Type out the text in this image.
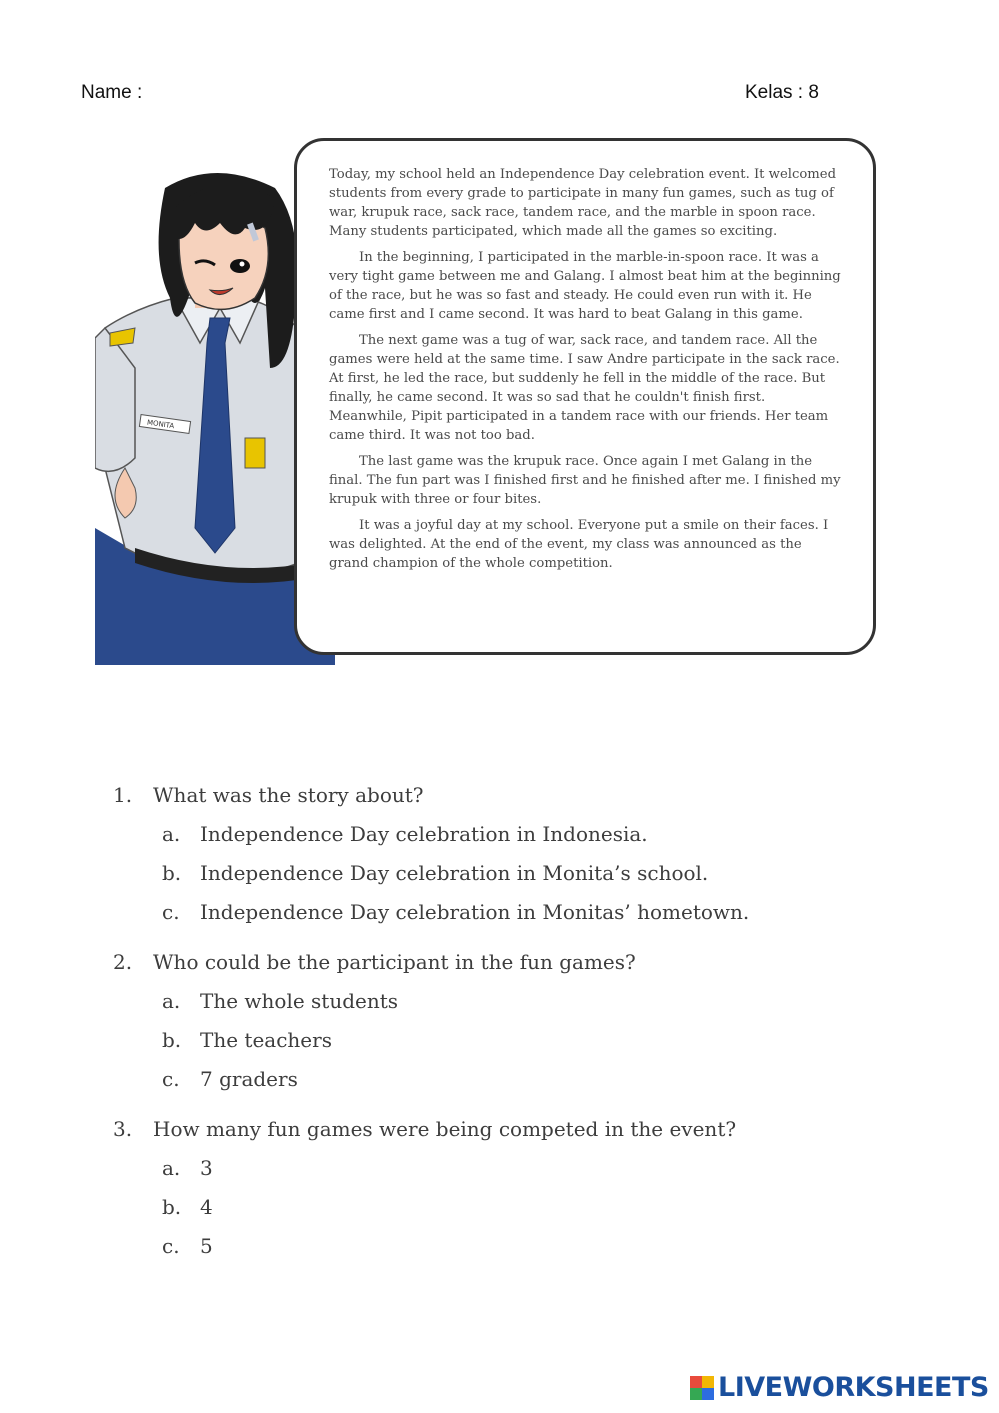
Name :	Kelas : 8
MONITA

Today, my school held an Independence Day celebration event. It welcomed students from every grade to participate in many fun games, such as tug of war, krupuk race, sack race, tandem race, and the marble in spoon race. Many students participated, which made all the games so exciting.

In the beginning, I participated in the marble-in-spoon race. It was a very tight game between me and Galang. I almost beat him at the beginning of the race, but he was so fast and steady. He could even run with it. He came first and I came second. It was hard to beat Galang in this game.

The next game was a tug of war, sack race, and tandem race. All the games were held at the same time. I saw Andre participate in the sack race. At first, he led the race, but suddenly he fell in the middle of the race. But finally, he came second. It was so sad that he couldn't finish first. Meanwhile, Pipit participated in a tandem race with our friends. Her team came third. It was not too bad.

The last game was the krupuk race. Once again I met Galang in the final. The fun part was I finished first and he finished after me. I finished my krupuk with three or four bites.

It was a joyful day at my school. Everyone put a smile on their faces. I was delighted. At the end of the event, my class was announced as the grand champion of the whole competition.

1.	What was the story about?
a. Independence Day celebration in Indonesia.
b. Independence Day celebration in Monita’s school.
c.	Independence Day celebration in Monitas’ hometown.
2.	Who could be the participant in the fun games?
a. The whole students
b. The teachers
c.	7 graders
3.	How many fun games were being competed in the event?
a. 3
b. 4
c.	5
LIVEWORKSHEETS
